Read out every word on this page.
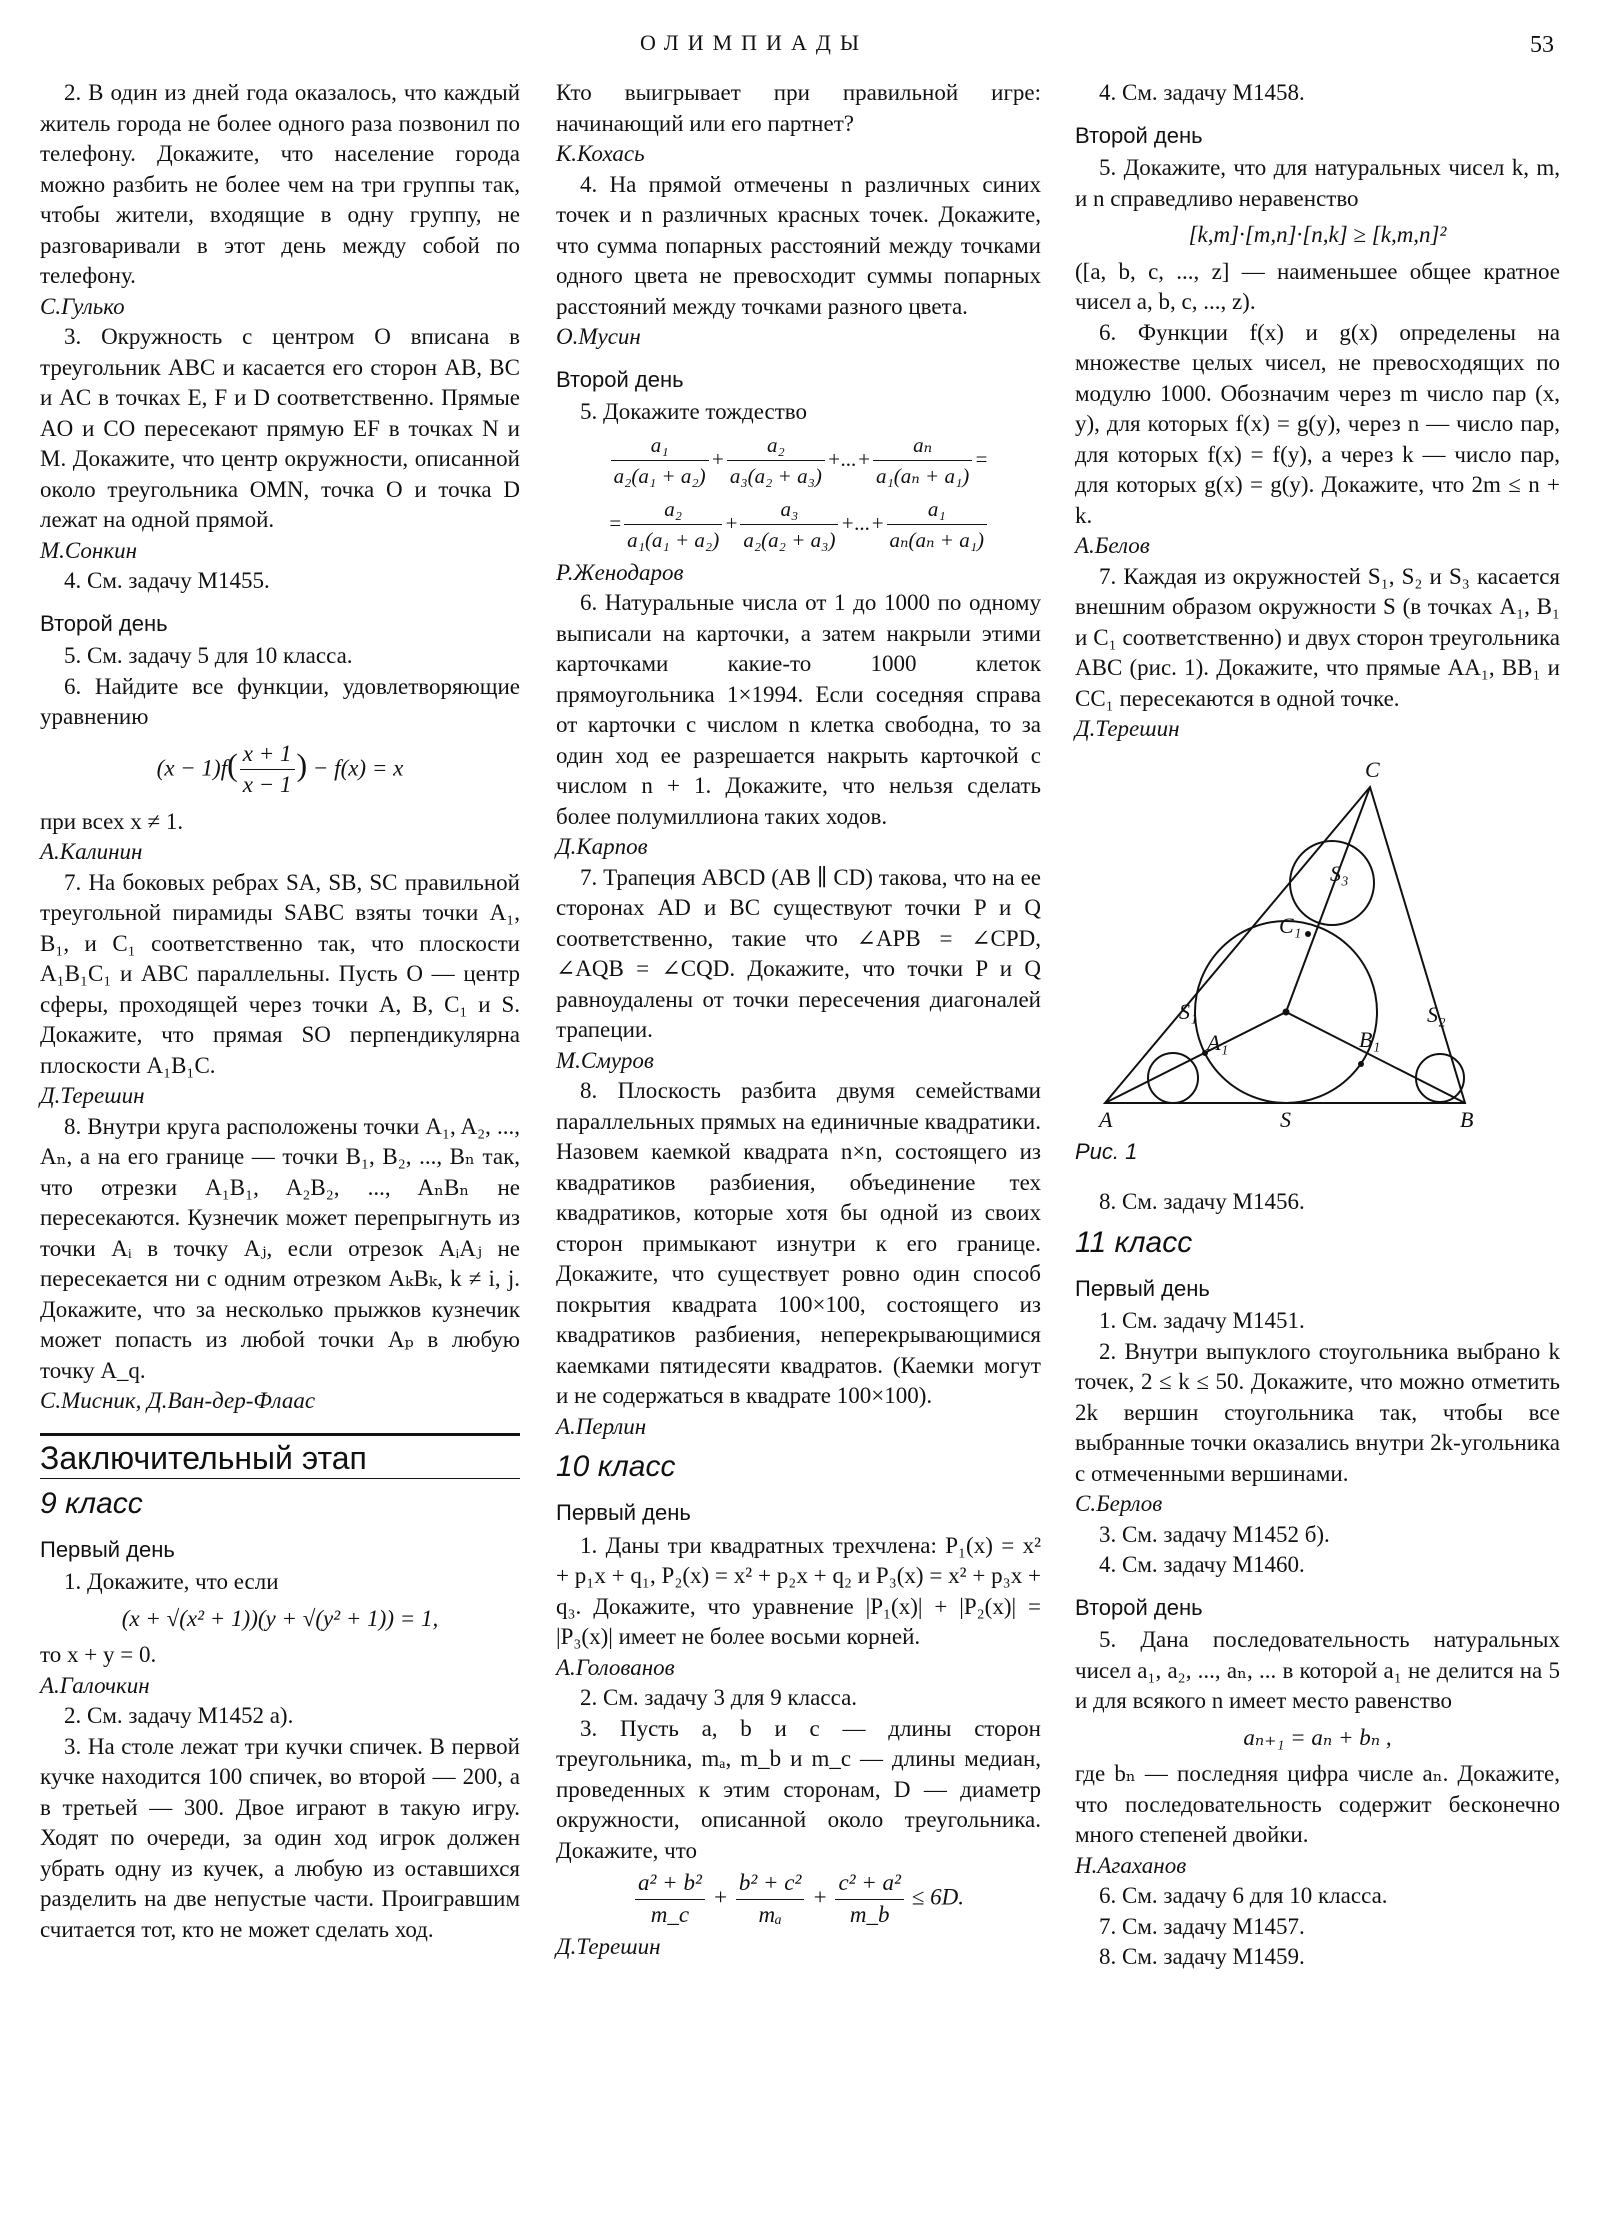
ОЛИМПИАДЫ	53

2. В один из дней года оказалось, что каждый житель города не более одного раза позвонил по телефону. Докажите, что население города можно разбить не более чем на три группы так, чтобы жители, входящие в одну группу, не разговаривали в этот день между собой по телефону.

С.Гулько

3. Окружность с центром O вписана в треугольник ABC и касается его сторон AB, BC и AC в точках E, F и D соответственно. Прямые AO и CO пересекают прямую EF в точках N и M. Докажите, что центр окружности, описанной около треугольника OMN, точка O и точка D лежат на одной прямой.

М.Сонкин

4. См. задачу М1455.

Второй день

5. См. задачу 5 для 10 класса.

6. Найдите все функции, удовлетворяющие уравнению

$(x - 1)f( \frac{x + 1}{x - 1}$ ) − f(x) = x

при всех x ≠ 1.

А.Калинин

7. На боковых ребрах SA, SB, SC правильной треугольной пирамиды SABC взяты точки A₁, B₁, и C₁ соответственно так, что плоскости A₁B₁C₁ и ABC параллельны. Пусть O — центр сферы, проходящей через точки A, B, C₁ и S. Докажите, что прямая SO перпендикулярна плоскости A₁B₁C.

Д.Терешин

8. Внутри круга расположены точки A₁, A₂, ..., Aₙ, а на его границе — точки B₁, B₂, ..., Bₙ так, что отрезки A₁B₁, A₂B₂, ..., AₙBₙ не пересекаются. Кузнечик может перепрыгнуть из точки Aᵢ в точку Aⱼ, если отрезок AᵢAⱼ не пересекается ни с одним отрезком AₖBₖ, k ≠ i, j. Докажите, что за несколько прыжков кузнечик может попасть из любой точки Aₚ в любую точку A_q.

С.Мисник, Д.Ван-дер-Флаас
Заключительный этап
9 класс
Первый день

1. Докажите, что если

(x + √(x² + 1))(y + √(y² + 1)) = 1,

то x + y = 0.

А.Галочкин

2. См. задачу М1452 а).

3. На столе лежат три кучки спичек. В первой кучке находится 100 спичек, во второй — 200, а в третьей — 300. Двое играют в такую игру. Ходят по очереди, за один ход игрок должен убрать одну из кучек, а любую из оставшихся разделить на две непустые части. Проигравшим считается тот, кто не может сделать ход.

Кто выигрывает при правильной игре: начинающий или его партнет?

К.Кохась

4. На прямой отмечены n различных синих точек и n различных красных точек. Докажите, что сумма попарных расстояний между точками одного цвета не превосходит суммы попарных расстояний между точками разного цвета.

О.Мусин
Второй день

5. Докажите тождество

$\frac{\text{a₁}}{\text{a₂(a₁ + a₂)}} + \frac{\text{a₂}}{\text{a₃(a₂ + a₃)}}$ +...+ $\frac{\text{aₙ}}{\text{a₁(aₙ + a₁)}}$ =
= $\frac{\text{a₂}}{\text{a₁(a₁ + a₂)}} + \frac{\text{a₃}}{\text{a₂(a₂ + a₃)}}$ +...+ $\frac{\text{a₁}}{\text{aₙ(aₙ + a₁)}}$
Р.Женодаров

6. Натуральные числа от 1 до 1000 по одному выписали на карточки, а затем накрыли этими карточками какие-то 1000 клеток прямоугольника 1×1994. Если соседняя справа от карточки с числом n клетка свободна, то за один ход ее разрешается накрыть карточкой с числом n + 1. Докажите, что нельзя сделать более полумиллиона таких ходов.

Д.Карпов

7. Трапеция ABCD (AB ∥ CD) такова, что на ее сторонах AD и BC существуют точки P и Q соответственно, такие что ∠APB = ∠CPD, ∠AQB = ∠CQD. Докажите, что точки P и Q равноудалены от точки пересечения диагоналей трапеции.

М.Смуров

8. Плоскость разбита двумя семействами параллельных прямых на единичные квадратики. Назовем каемкой квадрата n×n, состоящего из квадратиков разбиения, объединение тех квадратиков, которые хотя бы одной из своих сторон примыкают изнутри к его границе. Докажите, что существует ровно один способ покрытия квадрата 100×100, состоящего из квадратиков разбиения, неперекрывающимися каемками пятидесяти квадратов. (Каемки могут и не содержаться в квадрате 100×100).

А.Перлин
10 класс
Первый день

1. Даны три квадратных трехчлена: P₁(x) = x² + p₁x + q₁, P₂(x) = x² + p₂x + q₂ и P₃(x) = x² + p₃x + q₃. Докажите, что уравнение |P₁(x)| + |P₂(x)| = |P₃(x)| имеет не более восьми корней.

А.Голованов

2. См. задачу 3 для 9 класса.

3. Пусть a, b и c — длины сторон треугольника, mₐ, m_b и m_c — длины медиан, проведенных к этим сторонам, D — диаметр окружности, описанной около треугольника. Докажите, что

$\frac{\text{a² + b²}}{m\_c} + \frac{\text{b² + c²}}{\text{mₐ}} + \frac{\text{c² + a²}}{m\_b} \le 6D$.
Д.Терешин

4. См. задачу М1458.

Второй день

5. Докажите, что для натуральных чисел k, m, и n справедливо неравенство

[k,m]·[m,n]·[n,k] ≥ [k,m,n]²

([a, b, c, ..., z] — наименьшее общее кратное чисел a, b, c, ..., z).

6. Функции f(x) и g(x) определены на множестве целых чисел, не превосходящих по модулю 1000. Обозначим через m число пар (x, y), для которых f(x) = g(y), через n — число пар, для которых f(x) = f(y), а через k — число пар, для которых g(x) = g(y). Докажите, что 2m ≤ n + k.

А.Белов

7. Каждая из окружностей S₁, S₂ и S₃ касается внешним образом окружности S (в точках A₁, B₁ и C₁ соответственно) и двух сторон треугольника ABC (рис. 1). Докажите, что прямые AA₁, BB₁ и CC₁ пересекаются в одной точке.

Д.Терешин
A	B
C
S
S₁	S₂
S₃
A₁	B₁
C₁
Рис. 1

8. См. задачу М1456.

11 класс
Первый день

1. См. задачу М1451.

2. Внутри выпуклого стоугольника выбрано k точек, 2 ≤ k ≤ 50. Докажите, что можно отметить 2k вершин стоугольника так, чтобы все выбранные точки оказались внутри 2k-угольника с отмеченными вершинами.

С.Берлов

3. См. задачу М1452 б).

4. См. задачу М1460.

Второй день

5. Дана последовательность натуральных чисел a₁, a₂, ..., aₙ, ... в которой a₁ не делится на 5 и для всякого n имеет место равенство

aₙ₊₁ = aₙ + bₙ ,

где bₙ — последняя цифра числе aₙ. Докажите, что последовательность содержит бесконечно много степеней двойки.

Н.Агаханов

6. См. задачу 6 для 10 класса.

7. См. задачу М1457.

8. См. задачу М1459.
